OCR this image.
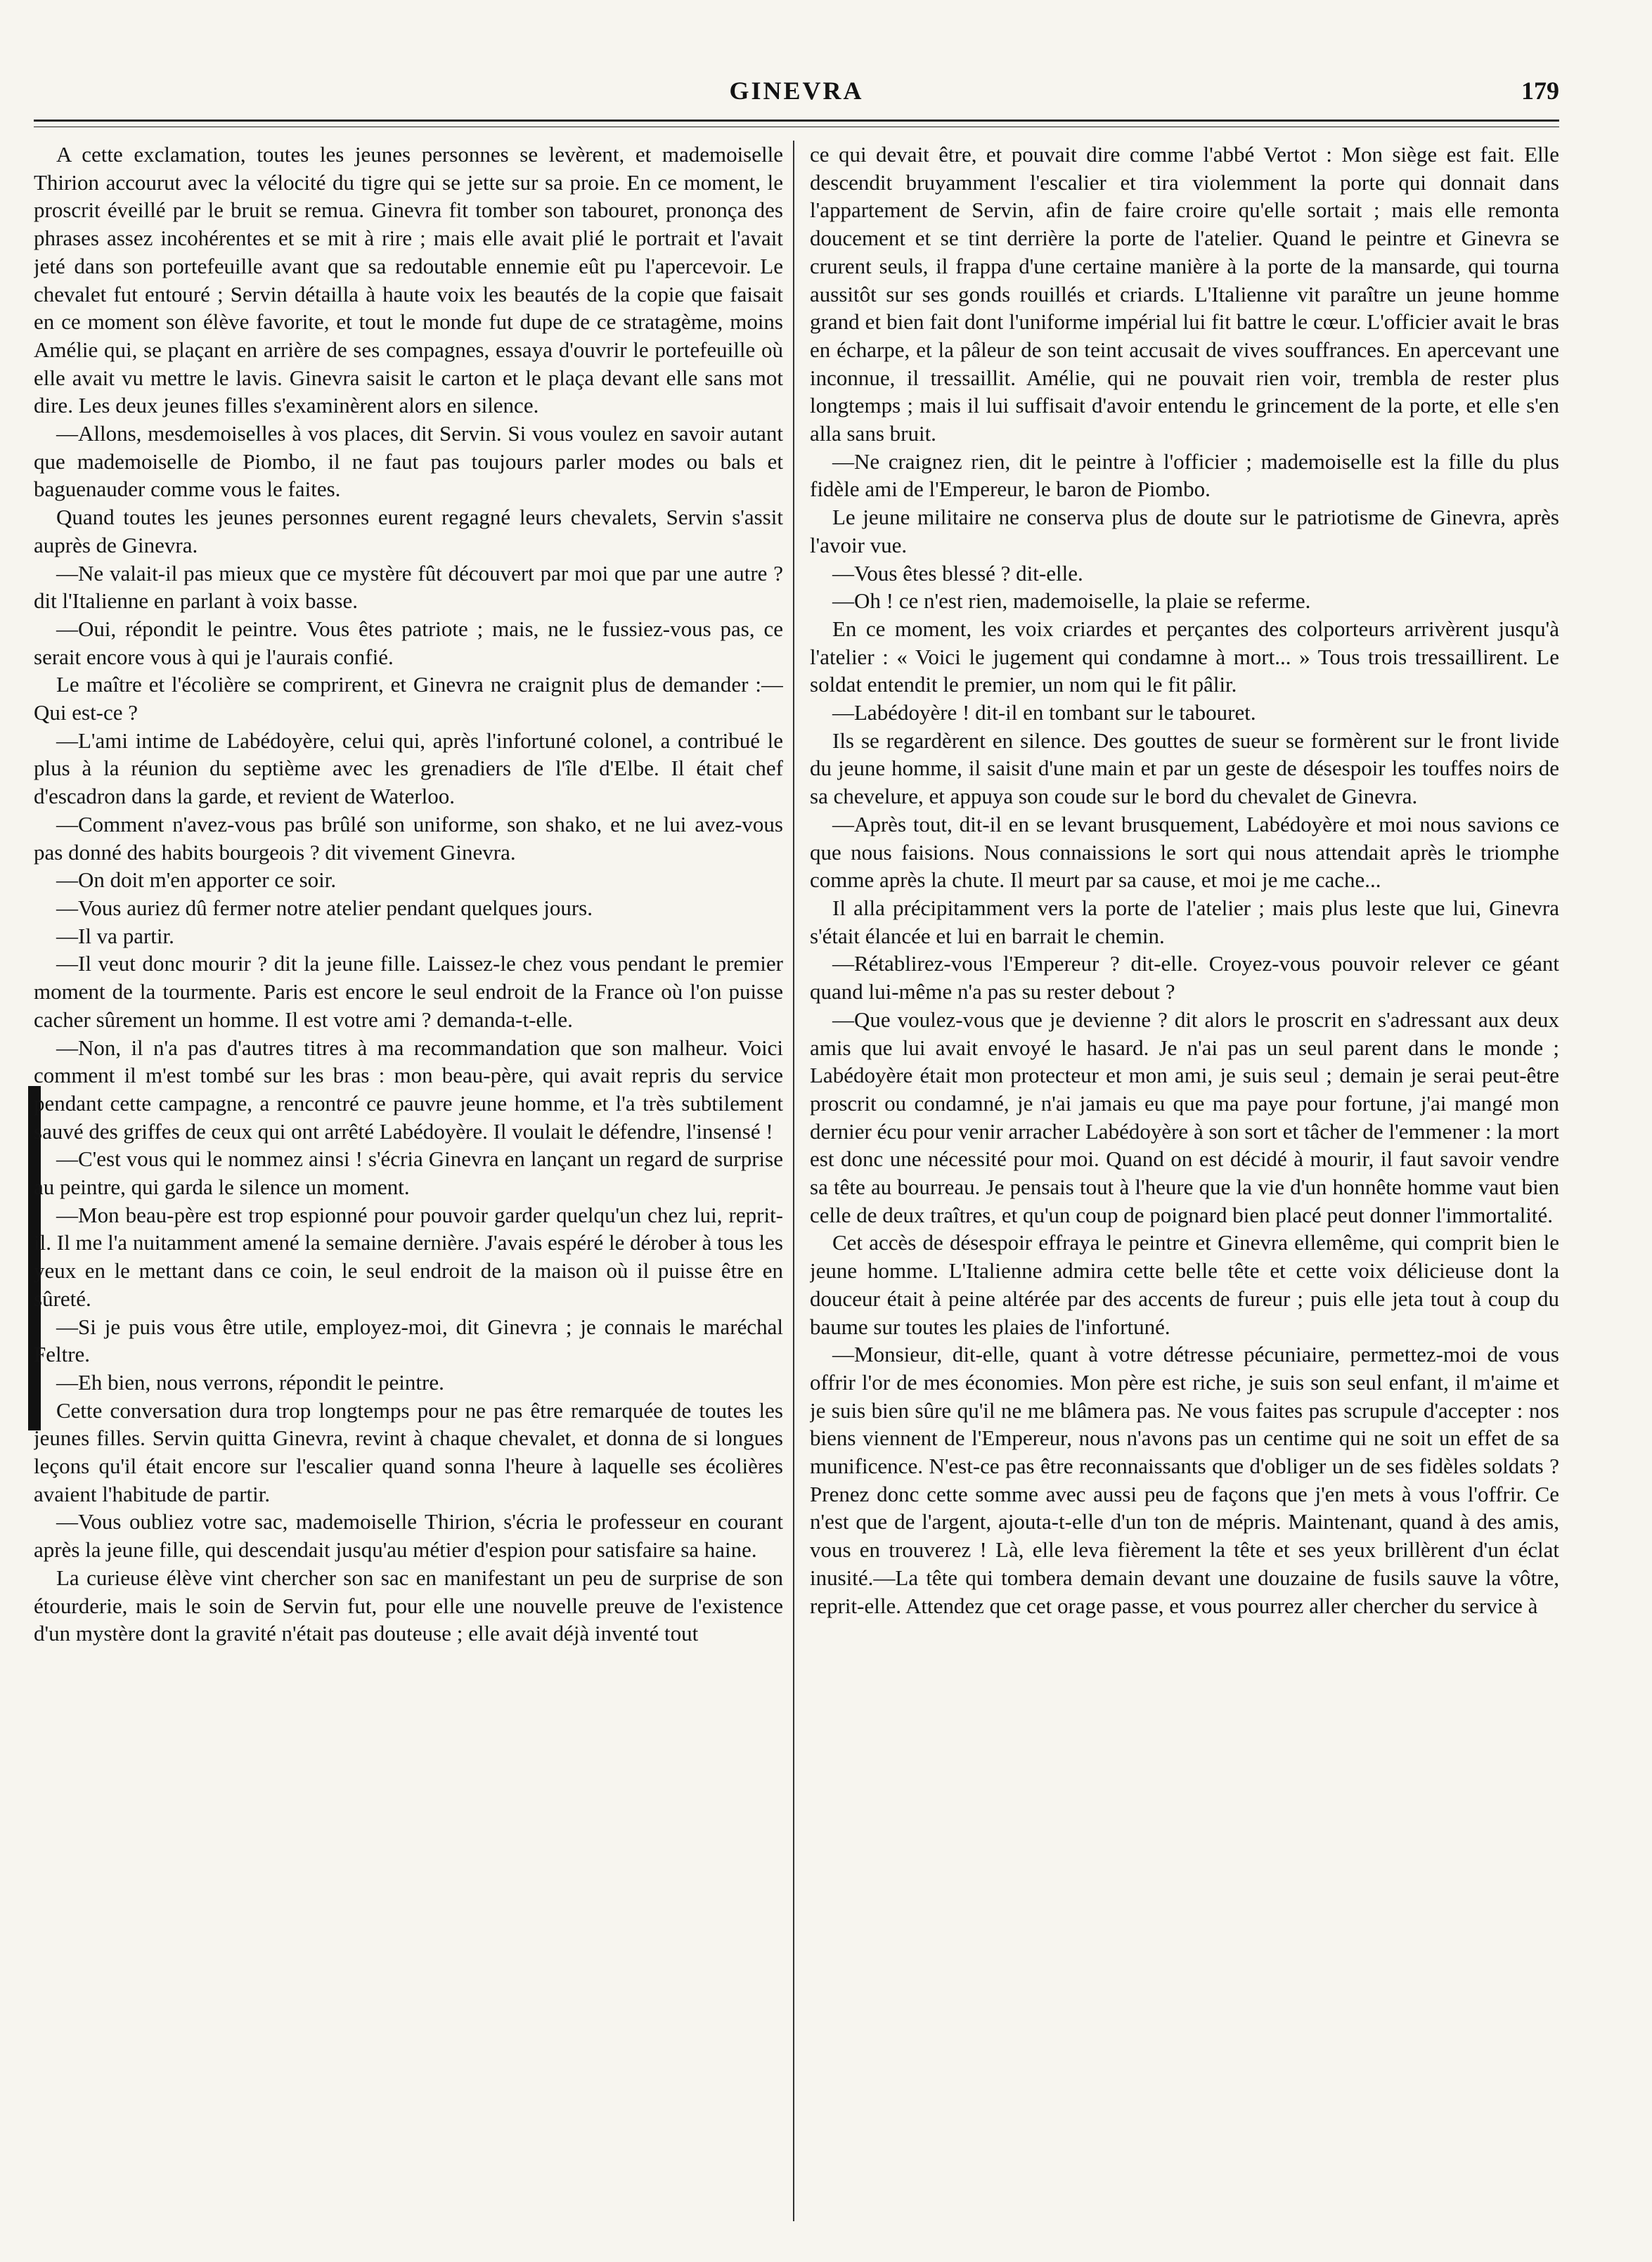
GINEVRA	179

A cette exclamation, toutes les jeunes personnes se levèrent, et mademoiselle Thirion accourut avec la vélocité du tigre qui se jette sur sa proie. En ce moment, le proscrit éveillé par le bruit se remua. Ginevra fit tomber son tabouret, prononça des phrases assez incohérentes et se mit à rire ; mais elle avait plié le portrait et l'avait jeté dans son portefeuille avant que sa redoutable ennemie eût pu l'apercevoir. Le chevalet fut entouré ; Servin détailla à haute voix les beautés de la copie que faisait en ce moment son élève favorite, et tout le monde fut dupe de ce stratagème, moins Amélie qui, se plaçant en arrière de ses compagnes, essaya d'ouvrir le portefeuille où elle avait vu mettre le lavis. Ginevra saisit le carton et le plaça devant elle sans mot dire. Les deux jeunes filles s'examinèrent alors en silence.

—Allons, mesdemoiselles à vos places, dit Servin. Si vous voulez en savoir autant que mademoiselle de Piombo, il ne faut pas toujours parler modes ou bals et baguenauder comme vous le faites.

Quand toutes les jeunes personnes eurent regagné leurs chevalets, Servin s'assit auprès de Ginevra.

—Ne valait-il pas mieux que ce mystère fût découvert par moi que par une autre ? dit l'Italienne en parlant à voix basse.

—Oui, répondit le peintre. Vous êtes patriote ; mais, ne le fussiez-vous pas, ce serait encore vous à qui je l'aurais confié.

Le maître et l'écolière se comprirent, et Ginevra ne craignit plus de demander :—Qui est-ce ?

—L'ami intime de Labédoyère, celui qui, après l'infortuné colonel, a contribué le plus à la réunion du septième avec les grenadiers de l'île d'Elbe. Il était chef d'escadron dans la garde, et revient de Waterloo.

—Comment n'avez-vous pas brûlé son uniforme, son shako, et ne lui avez-vous pas donné des habits bourgeois ? dit vivement Ginevra.

—On doit m'en apporter ce soir.

—Vous auriez dû fermer notre atelier pendant quelques jours.

—Il va partir.

—Il veut donc mourir ? dit la jeune fille. Laissez-le chez vous pendant le premier moment de la tourmente. Paris est encore le seul endroit de la France où l'on puisse cacher sûrement un homme. Il est votre ami ? demanda-t-elle.

—Non, il n'a pas d'autres titres à ma recommandation que son malheur. Voici comment il m'est tombé sur les bras : mon beau-père, qui avait repris du service pendant cette campagne, a rencontré ce pauvre jeune homme, et l'a très subtilement sauvé des griffes de ceux qui ont arrêté Labédoyère. Il voulait le défendre, l'insensé !

—C'est vous qui le nommez ainsi ! s'écria Ginevra en lançant un regard de surprise au peintre, qui garda le silence un moment.

—Mon beau-père est trop espionné pour pouvoir garder quelqu'un chez lui, reprit-il. Il me l'a nuitamment amené la semaine dernière. J'avais espéré le dérober à tous les yeux en le mettant dans ce coin, le seul endroit de la maison où il puisse être en sûreté.

—Si je puis vous être utile, employez-moi, dit Ginevra ; je connais le maréchal Feltre.

—Eh bien, nous verrons, répondit le peintre.

Cette conversation dura trop longtemps pour ne pas être remarquée de toutes les jeunes filles. Servin quitta Ginevra, revint à chaque chevalet, et donna de si longues leçons qu'il était encore sur l'escalier quand sonna l'heure à laquelle ses écolières avaient l'habitude de partir.

—Vous oubliez votre sac, mademoiselle Thirion, s'écria le professeur en courant après la jeune fille, qui descendait jusqu'au métier d'espion pour satisfaire sa haine.

La curieuse élève vint chercher son sac en manifestant un peu de surprise de son étourderie, mais le soin de Servin fut, pour elle une nouvelle preuve de l'existence d'un mystère dont la gravité n'était pas douteuse ; elle avait déjà inventé tout

ce qui devait être, et pouvait dire comme l'abbé Vertot : Mon siège est fait. Elle descendit bruyamment l'escalier et tira violemment la porte qui donnait dans l'appartement de Servin, afin de faire croire qu'elle sortait ; mais elle remonta doucement et se tint derrière la porte de l'atelier. Quand le peintre et Ginevra se crurent seuls, il frappa d'une certaine manière à la porte de la mansarde, qui tourna aussitôt sur ses gonds rouillés et criards. L'Italienne vit paraître un jeune homme grand et bien fait dont l'uniforme impérial lui fit battre le cœur. L'officier avait le bras en écharpe, et la pâleur de son teint accusait de vives souffrances. En apercevant une inconnue, il tressaillit. Amélie, qui ne pouvait rien voir, trembla de rester plus longtemps ; mais il lui suffisait d'avoir entendu le grincement de la porte, et elle s'en alla sans bruit.

—Ne craignez rien, dit le peintre à l'officier ; mademoiselle est la fille du plus fidèle ami de l'Empereur, le baron de Piombo.

Le jeune militaire ne conserva plus de doute sur le patriotisme de Ginevra, après l'avoir vue.

—Vous êtes blessé ? dit-elle.

—Oh ! ce n'est rien, mademoiselle, la plaie se referme.

En ce moment, les voix criardes et perçantes des colporteurs arrivèrent jusqu'à l'atelier : « Voici le jugement qui condamne à mort... » Tous trois tressaillirent. Le soldat entendit le premier, un nom qui le fit pâlir.

—Labédoyère ! dit-il en tombant sur le tabouret.

Ils se regardèrent en silence. Des gouttes de sueur se formèrent sur le front livide du jeune homme, il saisit d'une main et par un geste de désespoir les touffes noirs de sa chevelure, et appuya son coude sur le bord du chevalet de Ginevra.

—Après tout, dit-il en se levant brusquement, Labédoyère et moi nous savions ce que nous faisions. Nous connaissions le sort qui nous attendait après le triomphe comme après la chute. Il meurt par sa cause, et moi je me cache...

Il alla précipitamment vers la porte de l'atelier ; mais plus leste que lui, Ginevra s'était élancée et lui en barrait le chemin.

—Rétablirez-vous l'Empereur ? dit-elle. Croyez-vous pouvoir relever ce géant quand lui-même n'a pas su rester debout ?

—Que voulez-vous que je devienne ? dit alors le proscrit en s'adressant aux deux amis que lui avait envoyé le hasard. Je n'ai pas un seul parent dans le monde ; Labédoyère était mon protecteur et mon ami, je suis seul ; demain je serai peut-être proscrit ou condamné, je n'ai jamais eu que ma paye pour fortune, j'ai mangé mon dernier écu pour venir arracher Labédoyère à son sort et tâcher de l'emmener : la mort est donc une nécessité pour moi. Quand on est décidé à mourir, il faut savoir vendre sa tête au bourreau. Je pensais tout à l'heure que la vie d'un honnête homme vaut bien celle de deux traîtres, et qu'un coup de poignard bien placé peut donner l'immortalité.

Cet accès de désespoir effraya le peintre et Ginevra ellemême, qui comprit bien le jeune homme. L'Italienne admira cette belle tête et cette voix délicieuse dont la douceur était à peine altérée par des accents de fureur ; puis elle jeta tout à coup du baume sur toutes les plaies de l'infortuné.

—Monsieur, dit-elle, quant à votre détresse pécuniaire, permettez-moi de vous offrir l'or de mes économies. Mon père est riche, je suis son seul enfant, il m'aime et je suis bien sûre qu'il ne me blâmera pas. Ne vous faites pas scrupule d'accepter : nos biens viennent de l'Empereur, nous n'avons pas un centime qui ne soit un effet de sa munificence. N'est-ce pas être reconnaissants que d'obliger un de ses fidèles soldats ? Prenez donc cette somme avec aussi peu de façons que j'en mets à vous l'offrir. Ce n'est que de l'argent, ajouta-t-elle d'un ton de mépris. Maintenant, quand à des amis, vous en trouverez ! Là, elle leva fièrement la tête et ses yeux brillèrent d'un éclat inusité.—La tête qui tombera demain devant une douzaine de fusils sauve la vôtre, reprit-elle. Attendez que cet orage passe, et vous pourrez aller chercher du service à
